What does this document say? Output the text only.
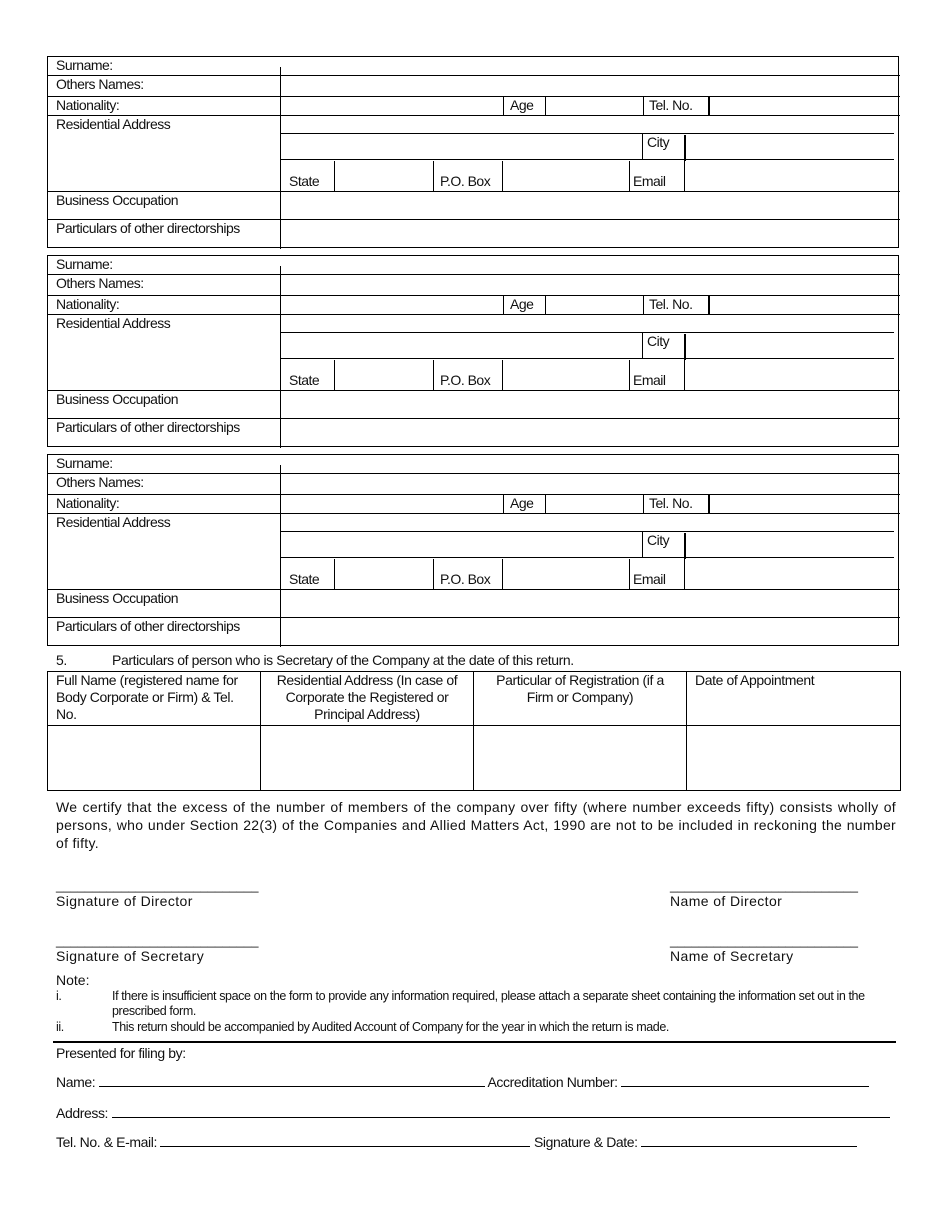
Surname:
Others Names:
Nationality:	Age	Tel. No.
Residential Address
City
State	P.O. Box	Email
Business Occupation
Particulars of other directorships
Surname:
Others Names:
Nationality:	Age	Tel. No.
Residential Address
City
State	P.O. Box	Email
Business Occupation
Particulars of other directorships
Surname:
Others Names:
Nationality:	Age	Tel. No.
Residential Address
City
State	P.O. Box	Email
Business Occupation
Particulars of other directorships
5.	Particulars of person who is Secretary of the Company at the date of this return.
Full Name (registered name for Body Corporate or Firm) & Tel. No.	Residential Address (In case of Corporate the Registered or Principal Address)	Particular of Registration (if a Firm or Company)	Date of Appointment

We certify that the excess of the number of members of the company over fifty (where number exceeds fifty) consists wholly of persons, who under Section 22(3) of the Companies and Allied Matters Act, 1990 are not to be included in reckoning the number of fifty.
____________________________
Signature of Director
__________________________
Name of Director
____________________________
Signature of Secretary
__________________________
Name of Secretary
Note:
i.	If there is insufficient space on the form to provide any information required, please attach a separate sheet containing the information set out in the prescribed form.
ii.	This return should be accompanied by Audited Account of Company for the year in which the return is made.
Presented for filing by:
Name:	Accreditation Number:
Address:
Tel. No. & E-mail:	Signature & Date:
